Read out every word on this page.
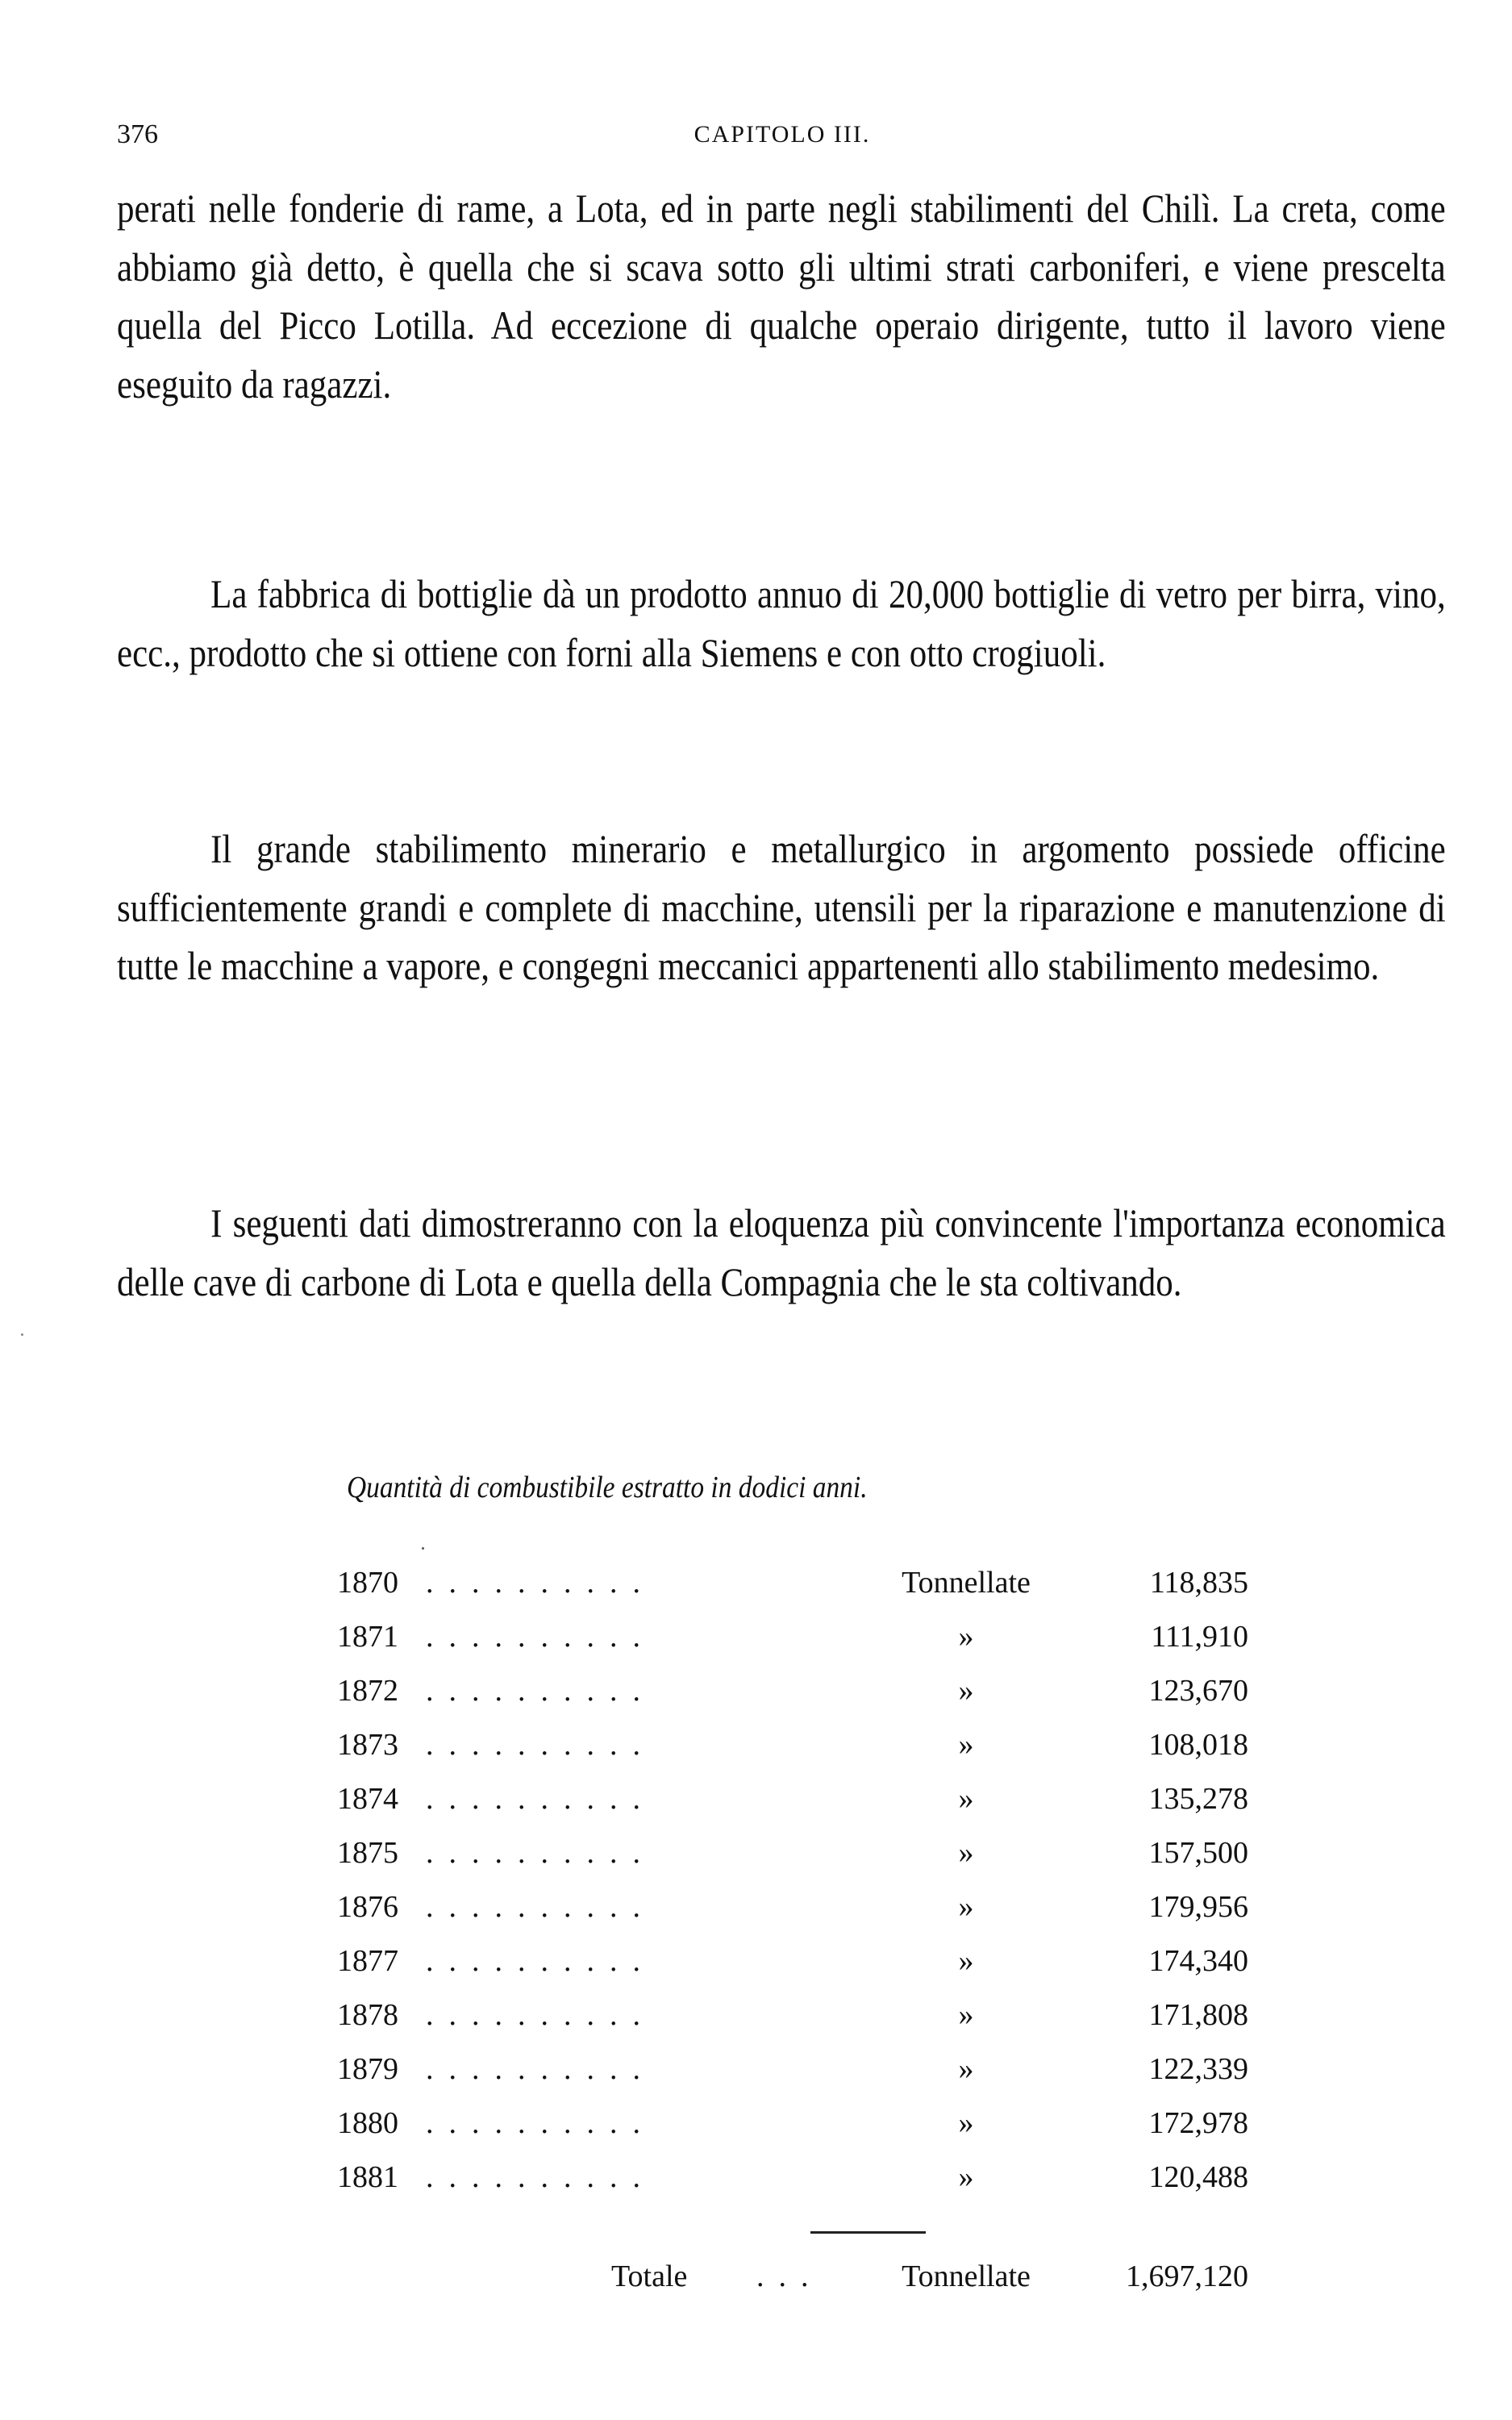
376	CAPITOLO III.

perati nelle fonderie di rame, a Lota, ed in parte negli stabilimenti del Chilì. La creta, come abbiamo già detto, è quella che si scava sotto gli ultimi strati carboniferi, e viene prescelta quella del Picco Lotilla. Ad eccezione di qualche operaio dirigente, tutto il lavoro viene eseguito da ragazzi.

La fabbrica di bottiglie dà un prodotto annuo di 20,000 bottiglie di vetro per birra, vino, ecc., prodotto che si ottiene con forni alla Siemens e con otto crogiuoli.

Il grande stabilimento minerario e metallurgico in argomento possiede officine sufficientemente grandi e complete di macchine, utensili per la riparazione e manutenzione di tutte le macchine a vapore, e congegni meccanici appartenenti allo stabilimento medesimo.

I seguenti dati dimostreranno con la eloquenza più convincente l'importanza economica delle cave di carbone di Lota e quella della Compagnia che le sta coltivando.

Quantità di combustibile estratto in dodici anni.
1870 ..........	Tonnellate	118,835
1871 ..........	»	111,910
1872 ..........	»	123,670
1873 ..........	»	108,018
1874 ..........	»	135,278
1875 ..........	»	157,500
1876 ..........	»	179,956
1877 ..........	»	174,340
1878 ..........	»	171,808
1879 ..........	»	122,339
1880 ..........	»	172,978
1881 ..........	»	120,488
Totale ...	Tonnellate	1,697,120
